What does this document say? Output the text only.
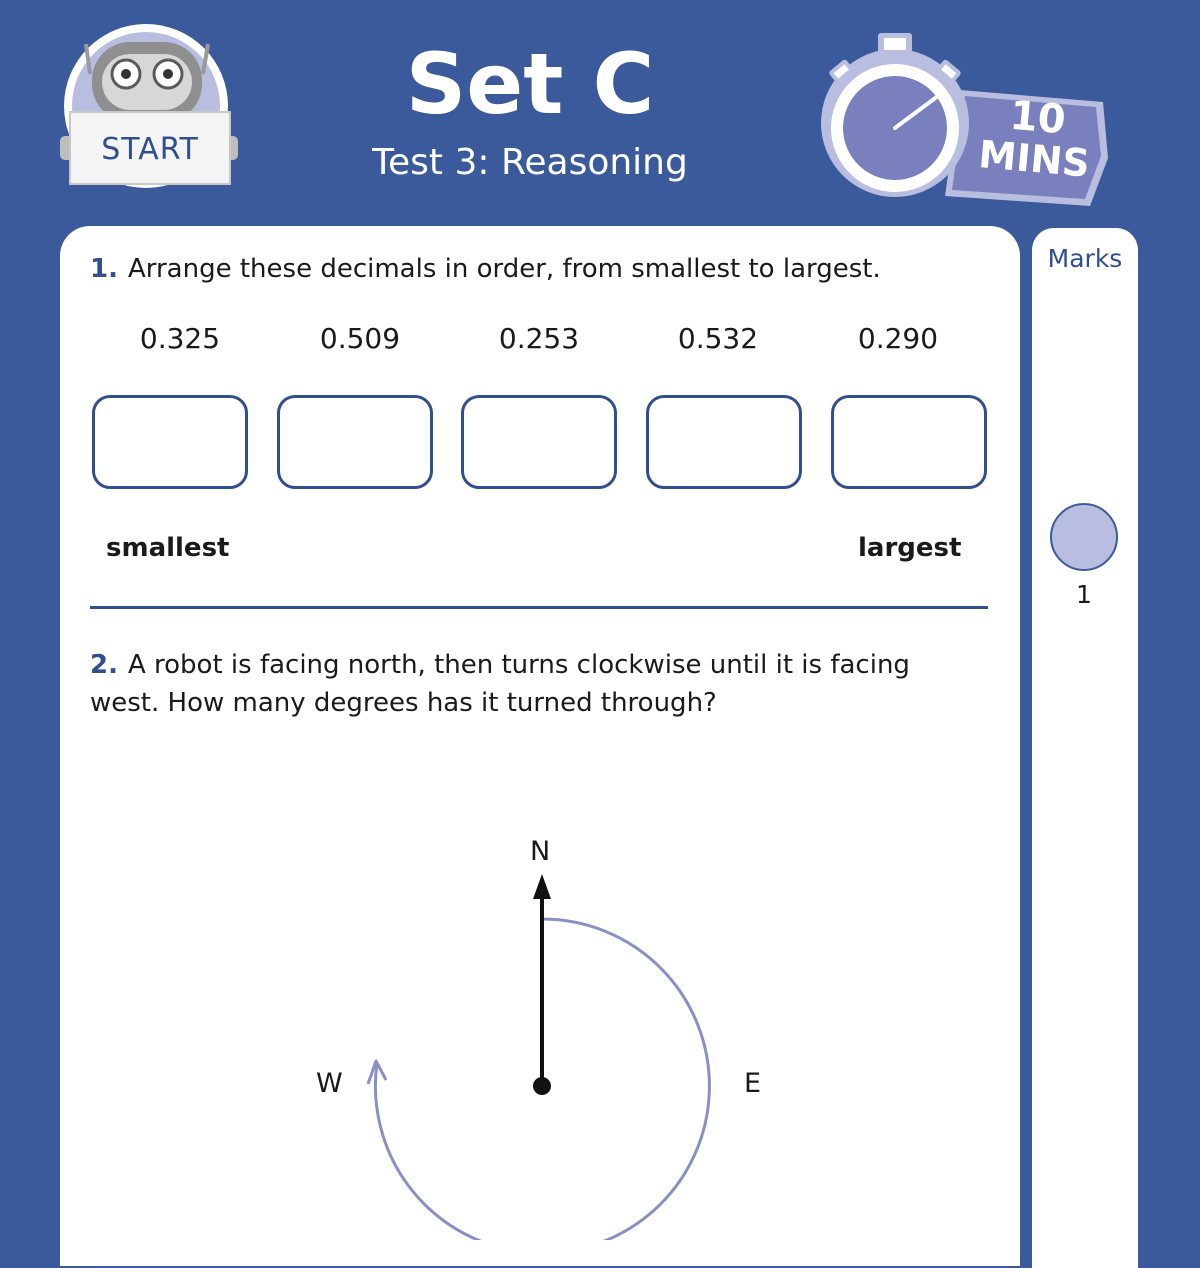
START
Set C
Test 3: Reasoning
10
MINS
1. Arrange these decimals in order, from smallest to largest.
0.325	0.509	0.253	0.532	0.290
smallest	largest
2. A robot is facing north, then turns clockwise until it is facing west. How many degrees has it turned through?
N
E
W
Marks
1
